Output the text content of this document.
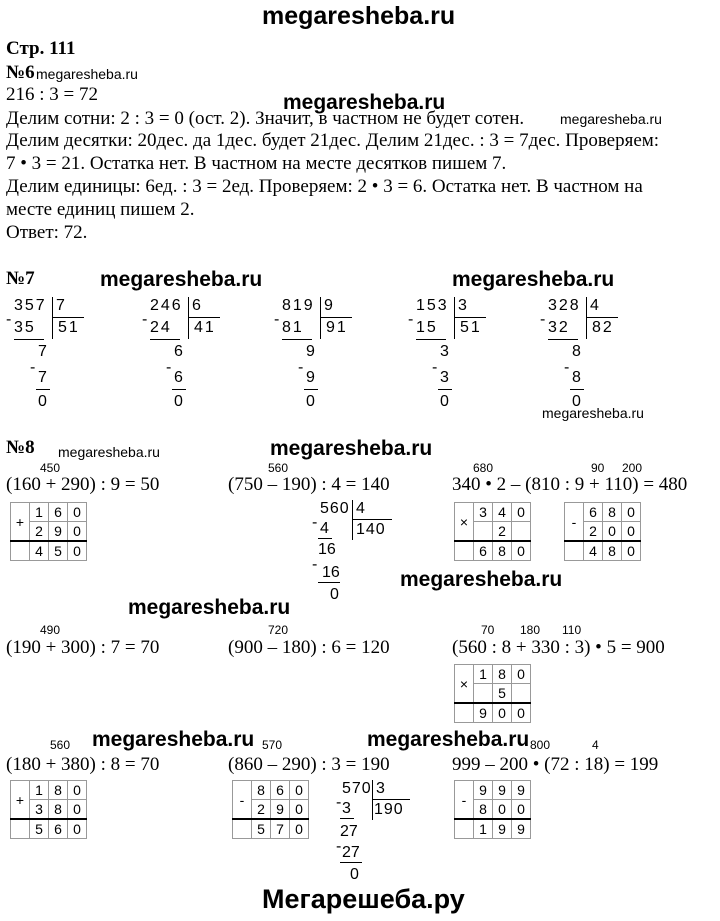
megaresheba.ru
Стр. 111
№6 megaresheba.ru
216 : 3 = 72	megaresheba.ru
Делим сотни: 2 : 3 = 0 (ост. 2). Значит, в частном не будет сотен.	megaresheba.ru
Делим десятки: 20дес. да 1дес. будет 21дес. Делим 21дес. : 3 = 7дес. Проверяем:
7 • 3 = 21. Остатка нет. В частном на месте десятков пишем 7.
Делим единицы: 6ед. : 3 = 2ед. Проверяем: 2 • 3 = 6. Остатка нет. В частном на
месте единиц пишем 2.
Ответ: 72.
№7	megaresheba.ru	megaresheba.ru
357 7
51
- 35
7
-
7
0
246 6
41
- 24
6
-
6
0
819 9
91
- 81
9
-
9
0
153 3
51
- 15
3
-
3
0
328 4
82
- 32
8
-
8
0
megaresheba.ru
№8 megaresheba.ru	megaresheba.ru
450
(160 + 290) : 9 = 50
560
(750 – 190) : 4 = 140
680	90 200
340 • 2 – (810 : 9 + 110) = 480
+	1	6	0
	2	9	0
	4	5	0
560 4
140
- 4
16
- 16
0
×	3	4	0
		2	
	6	8	0
-	6	8	0
	2	0	0
	4	8	0
megaresheba.ru
megaresheba.ru
490
(190 + 300) : 7 = 70
720
(900 – 180) : 6 = 120
70 180 110
(560 : 8 + 330 : 3) • 5 = 900
×	1	8	0
		5	
	9	0	0
560 megaresheba.ru 570	megaresheba.ru 800	4
(180 + 380) : 8 = 70	(860 – 290) : 3 = 190	999 – 200 • (72 : 18) = 199
+	1	8	0
	3	8	0
	5	6	0
-	8	6	0
	2	9	0
	5	7	0
570 3
190
- 3
27
- 27
0
-	9	9	9
	8	0	0
	1	9	9
Мегарешеба.ру
